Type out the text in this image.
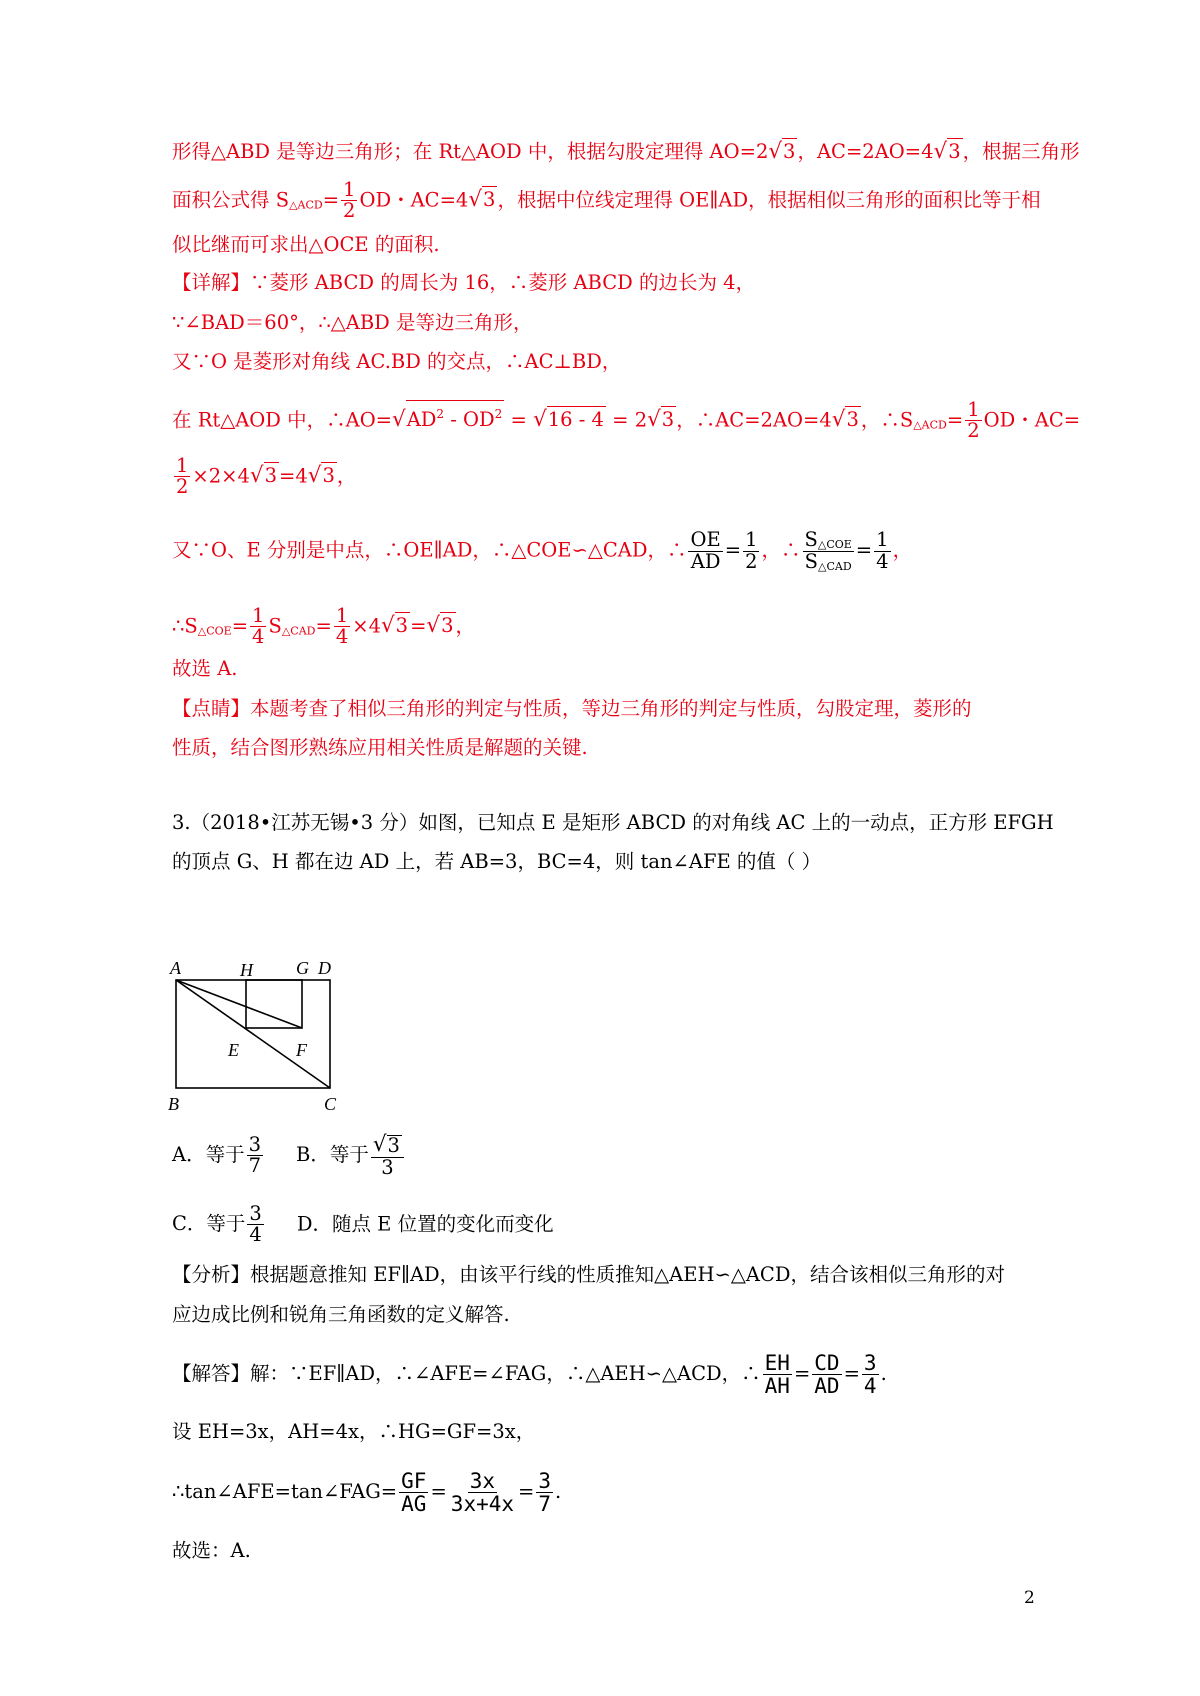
形得△ABD 是等边三角形；在 Rt△AOD 中，根据勾股定理得 AO=2 √ 3 ，AC=2AO=4 √ 3 ，根据三角形
面积公式得 S△ACD= $\frac{1}{2}$ OD・AC=4 √ 3 ，根据中位线定理得 OE∥AD，根据相似三角形的面积比等于相
似比继而可求出△OCE 的面积.
【详解】∵菱形 ABCD 的周长为 16，∴菱形 ABCD 的边长为 4，
∵∠BAD＝60°，∴△ABD 是等边三角形，
又∵O 是菱形对角线 AC.BD 的交点，∴AC⊥BD，
在 Rt△AOD 中，∴AO= √ $AD^2 - OD^2$ = √ 16 - 4 = 2 √ 3 ，∴AC=2AO=4 √ 3 ，∴S△ACD= $\frac{1}{2}$ OD・AC=
$\frac{1}{2} \times 2\times 4$ √ 3 =4 √ 3 ，
又∵O、E 分别是中点，∴OE∥AD，∴△COE∽△CAD，∴ $\frac{OE}{AD} = \frac{1}{2}$ ，∴ $\frac{\text{S△COE}}{\text{S△CAD}} = \frac{1}{4}$ ，
∴S△COE= $\frac{1}{4}$ S△CAD= $\frac{1}{4} \times 4$ √ 3 = √ 3 ，
故选 A.
【点睛】本题考查了相似三角形的判定与性质，等边三角形的判定与性质，勾股定理，菱形的
性质，结合图形熟练应用相关性质是解题的关键.
3.（2018•江苏无锡•3 分）如图，已知点 E 是矩形 ABCD 的对角线 AC 上的一动点，正方形 EFGH
的顶点 G、H 都在边 AD 上，若 AB=3，BC=4，则 tan∠AFE 的值（ ）
A	H G D
E	F
B	C
A．等于 $\frac{3}{7}$ B．等于 $\frac{√ 3}{3}$
C．等于 $\frac{3}{4}$ D．随点 E 位置的变化而变化
【分析】根据题意推知 EF∥AD，由该平行线的性质推知△AEH∽△ACD，结合该相似三角形的对
应边成比例和锐角三角函数的定义解答.
【解答】解：∵EF∥AD，∴∠AFE=∠FAG，∴△AEH∽△ACD，∴ $\frac{EH}{AH} = \frac{CD}{AD} = \frac{3}{4}$ .
设 EH=3x，AH=4x，∴HG=GF=3x，
∴tan∠AFE=tan∠FAG= $\frac{GF}{AG} = \frac{3x}{3x+4x} = \frac{3}{7}$ .
故选：A.
2
